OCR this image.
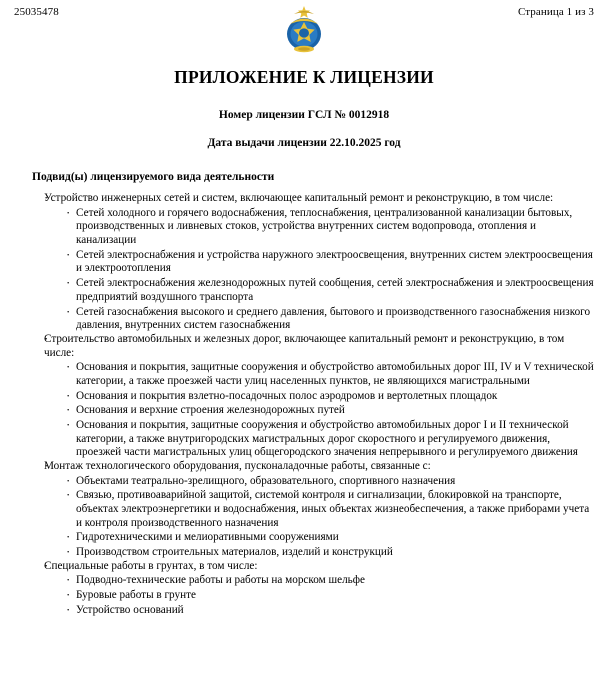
25035478	Страница 1 из 3
ПРИЛОЖЕНИЕ К ЛИЦЕНЗИИ
Номер лицензии ГСЛ № 0012918
Дата выдачи лицензии 22.10.2025 год
Подвид(ы) лицензируемого вида деятельности
· Устройство инженерных сетей и систем, включающее капитальный ремонт и реконструкцию, в том числе:
· Сетей холодного и горячего водоснабжения, теплоснабжения, централизованной канализации бытовых, производственных и ливневых стоков, устройства внутренних систем водопровода, отопления и канализации
· Сетей электроснабжения и устройства наружного электроосвещения, внутренних систем электроосвещения и электроотопления
· Сетей электроснабжения железнодорожных путей сообщения, сетей электроснабжения и электроосвещения предприятий воздушного транспорта
· Сетей газоснабжения высокого и среднего давления, бытового и производственного газоснабжения низкого давления, внутренних систем газоснабжения
· Строительство автомобильных и железных дорог, включающее капитальный ремонт и реконструкцию, в том числе:
· Основания и покрытия, защитные сооружения и обустройство автомобильных дорог III, IV и V технической категории, а также проезжей части улиц населенных пунктов, не являющихся магистральными
· Основания и покрытия взлетно-посадочных полос аэродромов и вертолетных площадок
· Основания и верхние строения железнодорожных путей
· Основания и покрытия, защитные сооружения и обустройство автомобильных дорог I и II технической категории, а также внутригородских магистральных дорог скоростного и регулируемого движения, проезжей части магистральных улиц общегородского значения непрерывного и регулируемого движения
· Монтаж технологического оборудования, пусконаладочные работы, связанные с:
· Объектами театрально-зрелищного, образовательного, спортивного назначения
· Связью, противоаварийной защитой, системой контроля и сигнализации, блокировкой на транспорте, объектах электроэнергетики и водоснабжения, иных объектах жизнеобеспечения, а также приборами учета и контроля производственного назначения
· Гидротехническими и мелиоративными сооружениями
· Производством строительных материалов, изделий и конструкций
· Специальные работы в грунтах, в том числе:
· Подводно-технические работы и работы на морском шельфе
· Буровые работы в грунте
· Устройство оснований
